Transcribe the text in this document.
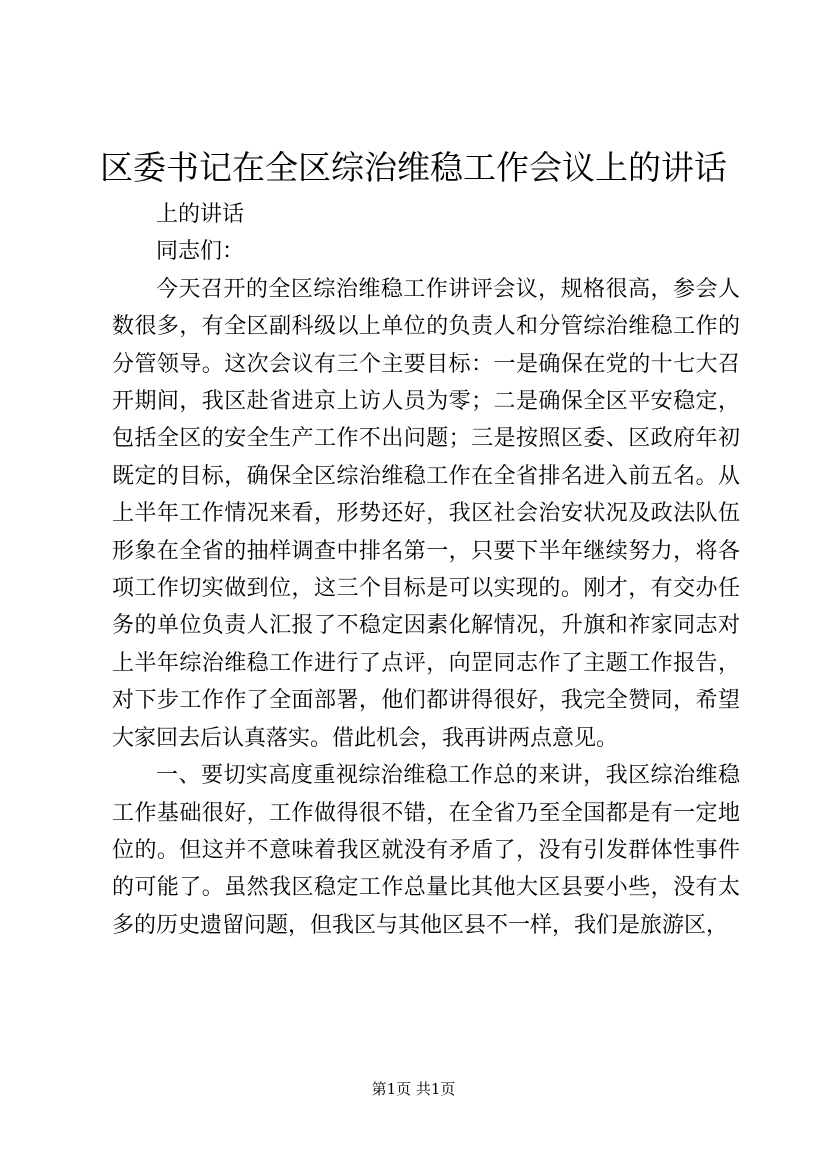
区委书记在全区综治维稳工作会议上的讲话

上的讲话

同志们：

今天召开的全区综治维稳工作讲评会议，规格很高，参会人数很多，有全区副科级以上单位的负责人和分管综治维稳工作的分管领导。这次会议有三个主要目标：一是确保在党的十七大召开期间，我区赴省进京上访人员为零；二是确保全区平安稳定，包括全区的安全生产工作不出问题；三是按照区委、区政府年初既定的目标，确保全区综治维稳工作在全省排名进入前五名。从上半年工作情况来看，形势还好，我区社会治安状况及政法队伍形象在全省的抽样调查中排名第一，只要下半年继续努力，将各项工作切实做到位，这三个目标是可以实现的。刚才，有交办任务的单位负责人汇报了不稳定因素化解情况，升旗和祚家同志对上半年综治维稳工作进行了点评，向罡同志作了主题工作报告，对下步工作作了全面部署，他们都讲得很好，我完全赞同，希望大家回去后认真落实。借此机会，我再讲两点意见。

一、要切实高度重视综治维稳工作总的来讲，我区综治维稳工作基础很好，工作做得很不错，在全省乃至全国都是有一定地位的。但这并不意味着我区就没有矛盾了，没有引发群体性事件的可能了。虽然我区稳定工作总量比其他大区县要小些，没有太多的历史遗留问题，但我区与其他区县不一样，我们是旅游区，

第1页 共1页
